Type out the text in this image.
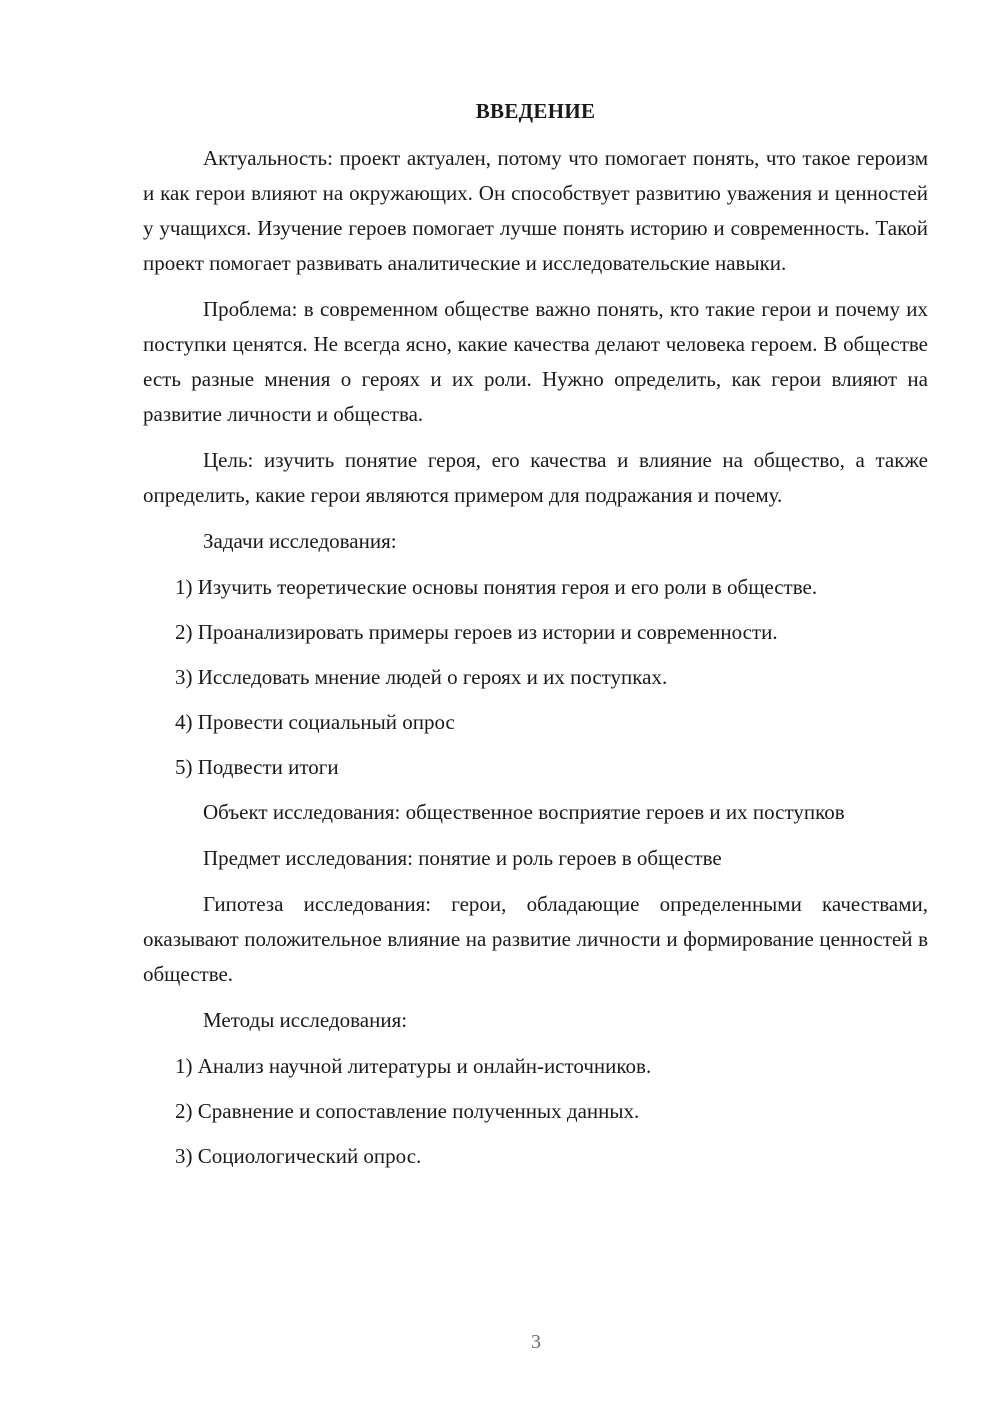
ВВЕДЕНИЕ

Актуальность: проект актуален, потому что помогает понять, что такое героизм и как герои влияют на окружающих. Он способствует развитию уважения и ценностей у учащихся. Изучение героев помогает лучше понять историю и современность. Такой проект помогает развивать аналитические и исследовательские навыки.

Проблема: в современном обществе важно понять, кто такие герои и почему их поступки ценятся. Не всегда ясно, какие качества делают человека героем. В обществе есть разные мнения о героях и их роли. Нужно определить, как герои влияют на развитие личности и общества.

Цель: изучить понятие героя, его качества и влияние на общество, а также определить, какие герои являются примером для подражания и почему.

Задачи исследования:

1) Изучить теоретические основы понятия героя и его роли в обществе.

2) Проанализировать примеры героев из истории и современности.

3) Исследовать мнение людей о героях и их поступках.

4) Провести социальный опрос

5) Подвести итоги

Объект исследования: общественное восприятие героев и их поступков

Предмет исследования: понятие и роль героев в обществе

Гипотеза исследования: герои, обладающие определенными качествами, оказывают положительное влияние на развитие личности и формирование ценностей в обществе.

Методы исследования:

1) Анализ научной литературы и онлайн-источников.

2) Сравнение и сопоставление полученных данных.

3) Социологический опрос.

3
